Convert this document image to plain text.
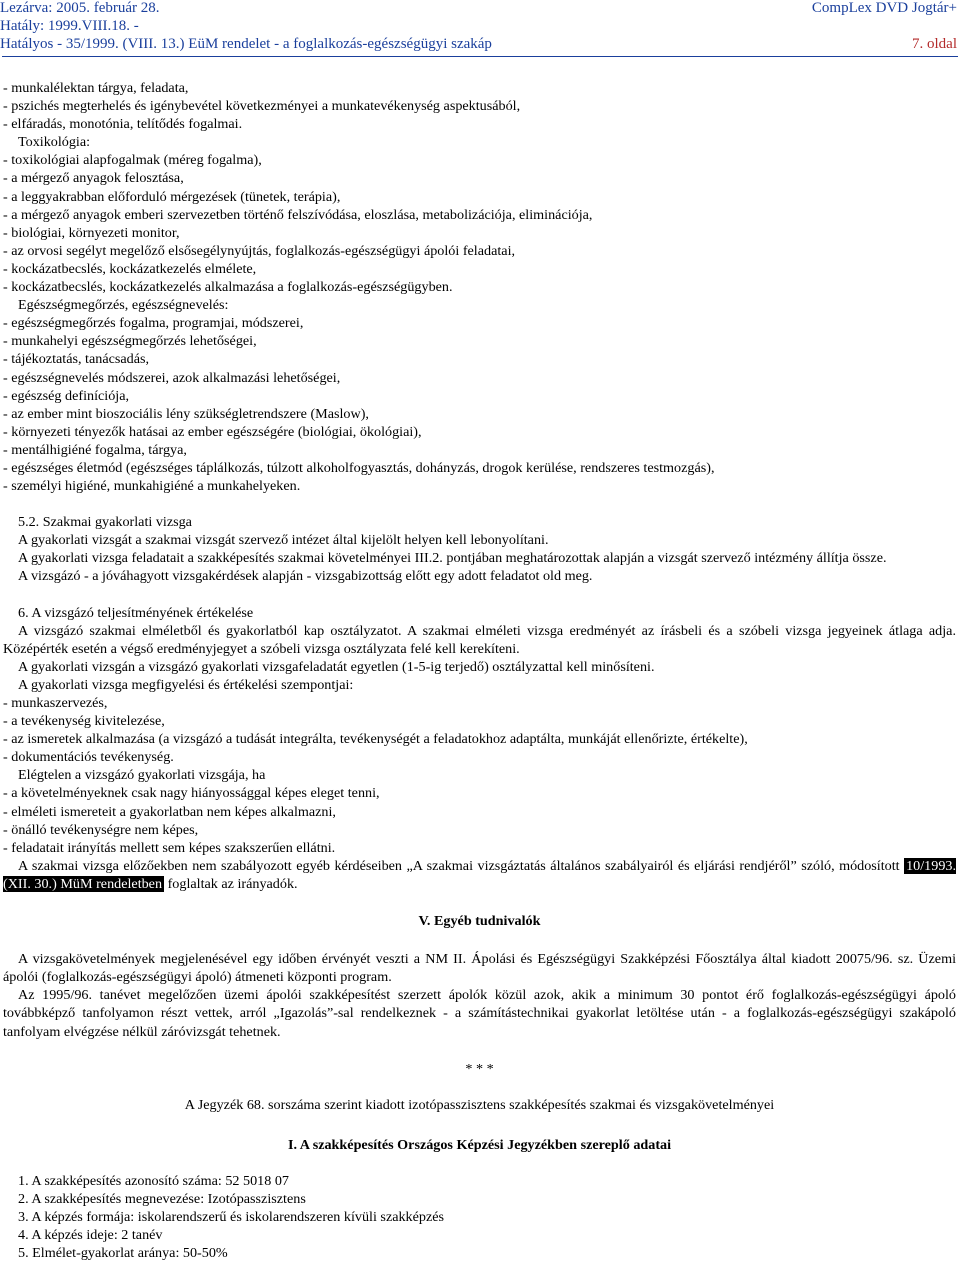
Lezárva: 2005. február 28.
Hatály: 1999.VIII.18. -
Hatályos - 35/1999. (VIII. 13.) EüM rendelet - a foglalkozás-egészségügyi szakáp
CompLex DVD Jogtár+
7. oldal
- munkalélektan tárgya, feladata,
- pszichés megterhelés és igénybevétel következményei a munkatevékenység aspektusából,
- elfáradás, monotónia, telítődés fogalmai.
Toxikológia:
- toxikológiai alapfogalmak (méreg fogalma),
- a mérgező anyagok felosztása,
- a leggyakrabban előforduló mérgezések (tünetek, terápia),
- a mérgező anyagok emberi szervezetben történő felszívódása, eloszlása, metabolizációja, eliminációja,
- biológiai, környezeti monitor,
- az orvosi segélyt megelőző elsősegélynyújtás, foglalkozás-egészségügyi ápolói feladatai,
- kockázatbecslés, kockázatkezelés elmélete,
- kockázatbecslés, kockázatkezelés alkalmazása a foglalkozás-egészségügyben.
Egészségmegőrzés, egészségnevelés:
- egészségmegőrzés fogalma, programjai, módszerei,
- munkahelyi egészségmegőrzés lehetőségei,
- tájékoztatás, tanácsadás,
- egészségnevelés módszerei, azok alkalmazási lehetőségei,
- egészség definíciója,
- az ember mint bioszociális lény szükségletrendszere (Maslow),
- környezeti tényezők hatásai az ember egészségére (biológiai, ökológiai),
- mentálhigiéné fogalma, tárgya,
- egészséges életmód (egészséges táplálkozás, túlzott alkoholfogyasztás, dohányzás, drogok kerülése, rendszeres testmozgás),
- személyi higiéné, munkahigiéné a munkahelyeken.
5.2. Szakmai gyakorlati vizsga
A gyakorlati vizsgát a szakmai vizsgát szervező intézet által kijelölt helyen kell lebonyolítani.
A gyakorlati vizsga feladatait a szakképesítés szakmai követelményei III.2. pontjában meghatározottak alapján a vizsgát szervező intézmény állítja össze.
A vizsgázó - a jóváhagyott vizsgakérdések alapján - vizsgabizottság előtt egy adott feladatot old meg.
6. A vizsgázó teljesítményének értékelése
A vizsgázó szakmai elméletből és gyakorlatból kap osztályzatot. A szakmai elméleti vizsga eredményét az írásbeli és a szóbeli vizsga jegyeinek átlaga adja. Középérték esetén a végső eredményjegyet a szóbeli vizsga osztályzata felé kell kerekíteni.
A gyakorlati vizsgán a vizsgázó gyakorlati vizsgafeladatát egyetlen (1-5-ig terjedő) osztályzattal kell minősíteni.
A gyakorlati vizsga megfigyelési és értékelési szempontjai:
- munkaszervezés,
- a tevékenység kivitelezése,
- az ismeretek alkalmazása (a vizsgázó a tudását integrálta, tevékenységét a feladatokhoz adaptálta, munkáját ellenőrizte, értékelte),
- dokumentációs tevékenység.
Elégtelen a vizsgázó gyakorlati vizsgája, ha
- a követelményeknek csak nagy hiányossággal képes eleget tenni,
- elméleti ismereteit a gyakorlatban nem képes alkalmazni,
- önálló tevékenységre nem képes,
- feladatait irányítás mellett sem képes szakszerűen ellátni.
A szakmai vizsga előzőekben nem szabályozott egyéb kérdéseiben „A szakmai vizsgáztatás általános szabályairól és eljárási rendjéről” szóló, módosított 10/1993. (XII. 30.) MüM rendeletben foglaltak az irányadók.
V. Egyéb tudnivalók
A vizsgakövetelmények megjelenésével egy időben érvényét veszti a NM II. Ápolási és Egészségügyi Szakképzési Főosztálya által kiadott 20075/96. sz. Üzemi ápolói (foglalkozás-egészségügyi ápoló) átmeneti központi program.
Az 1995/96. tanévet megelőzően üzemi ápolói szakképesítést szerzett ápolók közül azok, akik a minimum 30 pontot érő foglalkozás-egészségügyi ápoló továbbképző tanfolyamon részt vettek, arról „Igazolás”-sal rendelkeznek - a számítástechnikai gyakorlat letöltése után - a foglalkozás-egészségügyi szakápoló tanfolyam elvégzése nélkül záróvizsgát tehetnek.
* * *
A Jegyzék 68. sorszáma szerint kiadott izotópasszisztens szakképesítés szakmai és vizsgakövetelményei
I. A szakképesítés Országos Képzési Jegyzékben szereplő adatai
1. A szakképesítés azonosító száma: 52 5018 07
2. A szakképesítés megnevezése: Izotópasszisztens
3. A képzés formája: iskolarendszerű és iskolarendszeren kívüli szakképzés
4. A képzés ideje: 2 tanév
5. Elmélet-gyakorlat aránya: 50-50%
